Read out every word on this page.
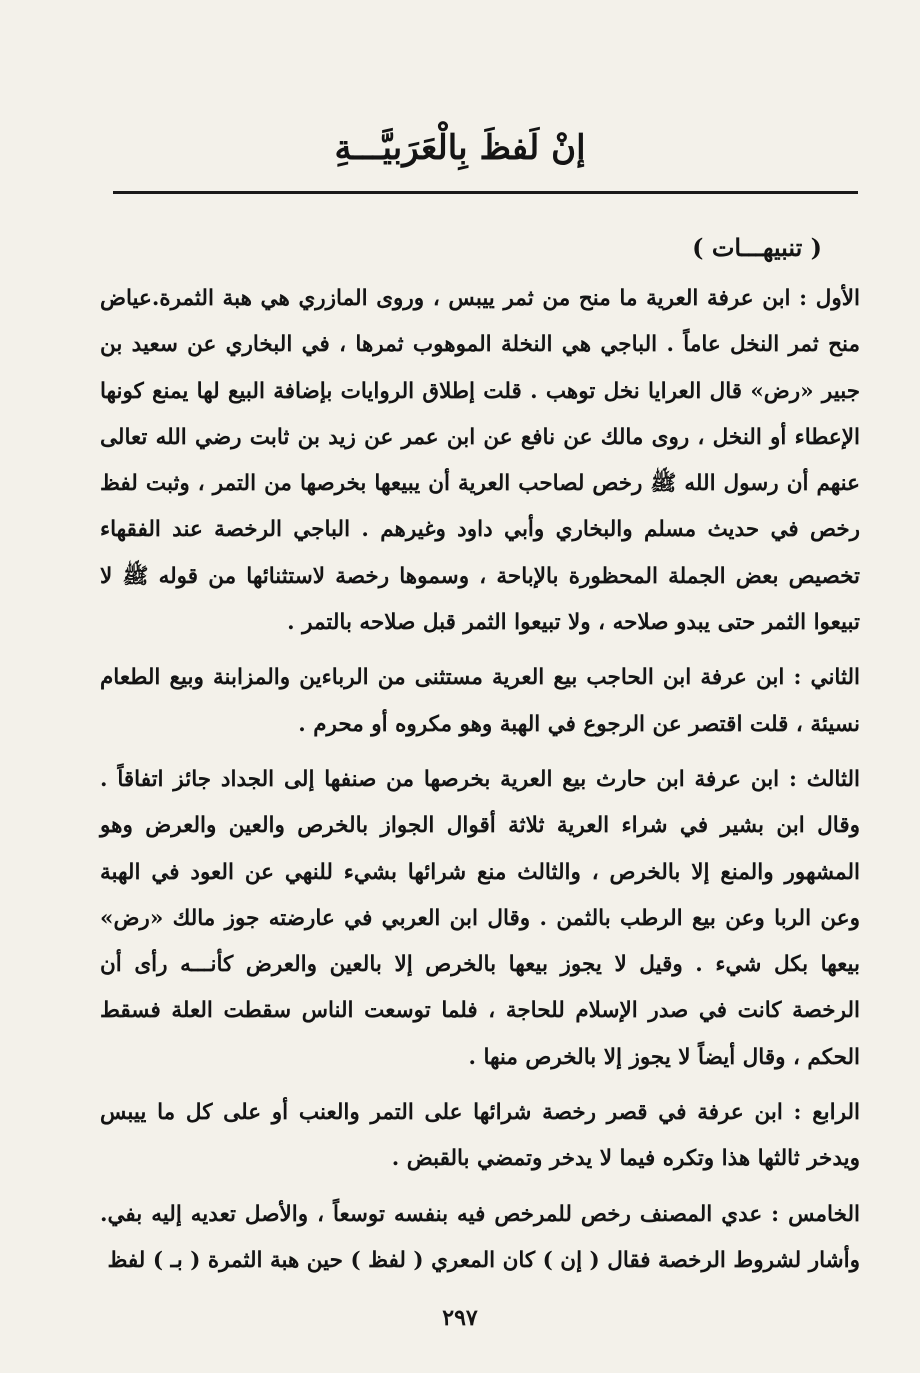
إنْ لَفظَ بِالْعَرَبيَّـــةِ
( تنبيهـــات )

الأول : ابن عرفة العرية ما منح من ثمر ييبس ، وروى المازري هي هبة الثمرة.عياض منح ثمر النخل عاماً . الباجي هي النخلة الموهوب ثمرها ، في البخاري عن سعيد بن جبير «رض» قال العرايا نخل توهب . قلت إطلاق الروايات بإضافة البيع لها يمنع كونها الإعطاء أو النخل ، روى مالك عن نافع عن ابن عمر عن زيد بن ثابت رضي الله تعالى عنهم أن رسول الله ﷺ رخص لصاحب العرية أن يبيعها بخرصها من التمر ، وثبت لفظ رخص في حديث مسلم والبخاري وأبي داود وغيرهم . الباجي الرخصة عند الفقهاء تخصيص بعض الجملة المحظورة بالإباحة ، وسموها رخصة لاستثنائها من قوله ﷺ لا تبيعوا الثمر حتى يبدو صلاحه ، ولا تبيعوا الثمر قبل صلاحه بالتمر .

الثاني : ابن عرفة ابن الحاجب بيع العرية مستثنى من الرباءين والمزابنة وبيع الطعام نسيئة ، قلت اقتصر عن الرجوع في الهبة وهو مكروه أو محرم .

الثالث : ابن عرفة ابن حارث بيع العرية بخرصها من صنفها إلى الجداد جائز اتفاقاً . وقال ابن بشير في شراء العرية ثلاثة أقوال الجواز بالخرص والعين والعرض وهو المشهور والمنع إلا بالخرص ، والثالث منع شرائها بشيء للنهي عن العود في الهبة وعن الربا وعن بيع الرطب بالثمن . وقال ابن العربي في عارضته جوز مالك «رض» بيعها بكل شيء . وقيل لا يجوز بيعها بالخرص إلا بالعين والعرض كأنـــه رأى أن الرخصة كانت في صدر الإسلام للحاجة ، فلما توسعت الناس سقطت العلة فسقط الحكم ، وقال أيضاً لا يجوز إلا بالخرص منها .

الرابع : ابن عرفة في قصر رخصة شرائها على التمر والعنب أو على كل ما ييبس ويدخر ثالثها هذا وتكره فيما لا يدخر وتمضي بالقبض .

الخامس : عدي المصنف رخص للمرخص فيه بنفسه توسعاً ، والأصل تعديه إليه بفي. وأشار لشروط الرخصة فقال ( إن ) كان المعري ( لفظ ) حين هبة الثمرة ( بـ ) لفظ

٢٩٧
